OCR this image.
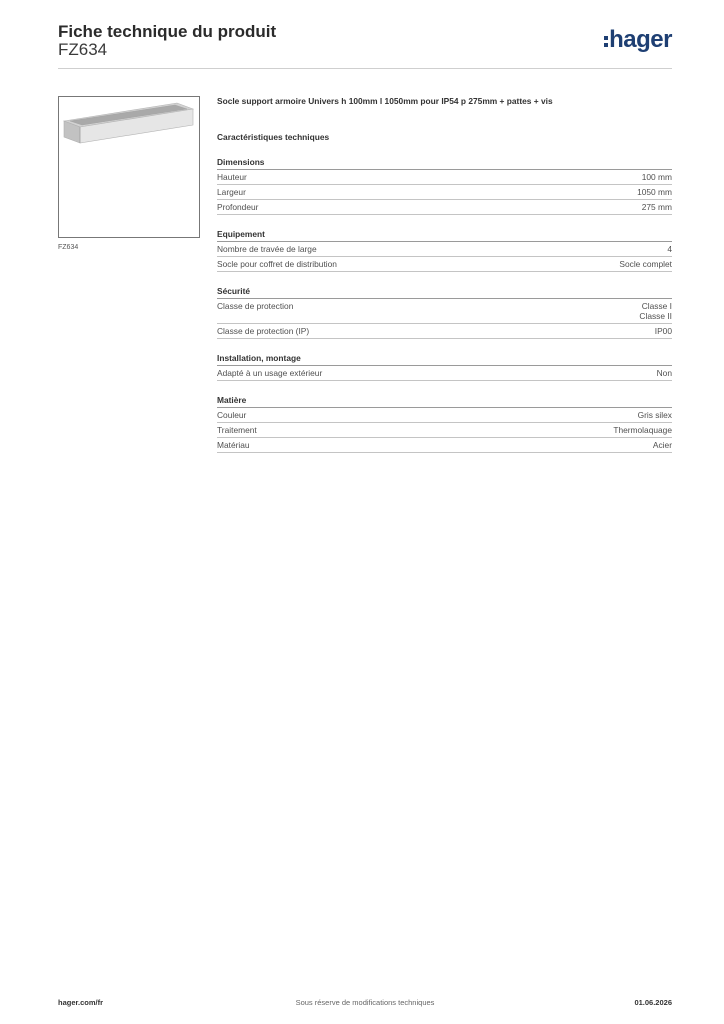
Fiche technique du produit
FZ634	hager
FZ634
Socle support armoire Univers h 100mm l 1050mm pour IP54 p 275mm + pattes + vis
Caractéristiques techniques
Dimensions
Hauteur	100 mm
Largeur	1050 mm
Profondeur	275 mm
Equipement
Nombre de travée de large	4
Socle pour coffret de distribution	Socle complet
Sécurité
Classe de protection	Classe I
Classe II
Classe de protection (IP)	IP00
Installation, montage
Adapté à un usage extérieur	Non
Matière
Couleur	Gris silex
Traitement	Thermolaquage
Matériau	Acier
hager.com/fr	Sous réserve de modifications techniques	01.06.2026
